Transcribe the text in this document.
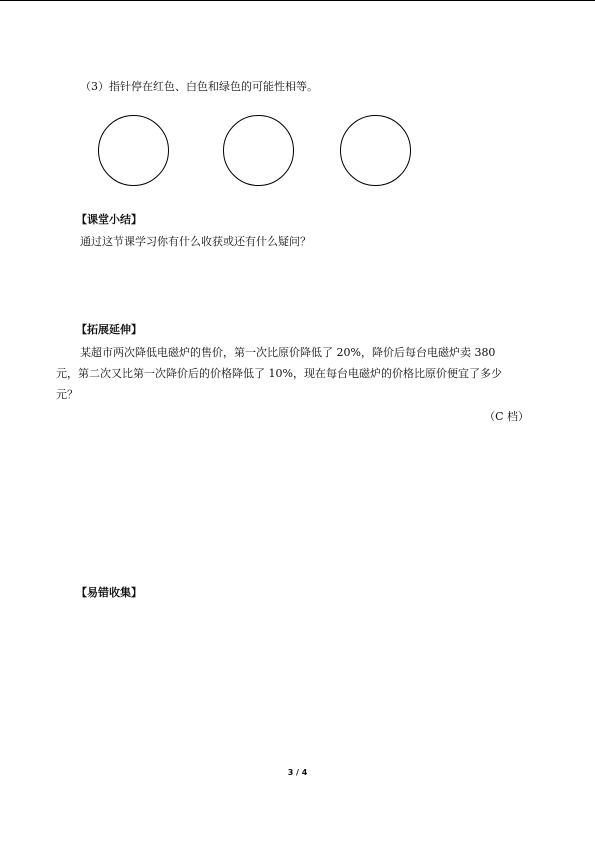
（3）指针停在红色、白色和绿色的可能性相等。
【课堂小结】
通过这节课学习你有什么收获或还有什么疑问？
【拓展延伸】
某超市两次降低电磁炉的售价，第一次比原价降低了 20%，降价后每台电磁炉卖 380
元，第二次又比第一次降价后的价格降低了 10%，现在每台电磁炉的价格比原价便宜了多少
元？
（C 档）
【易错收集】
3 / 4
